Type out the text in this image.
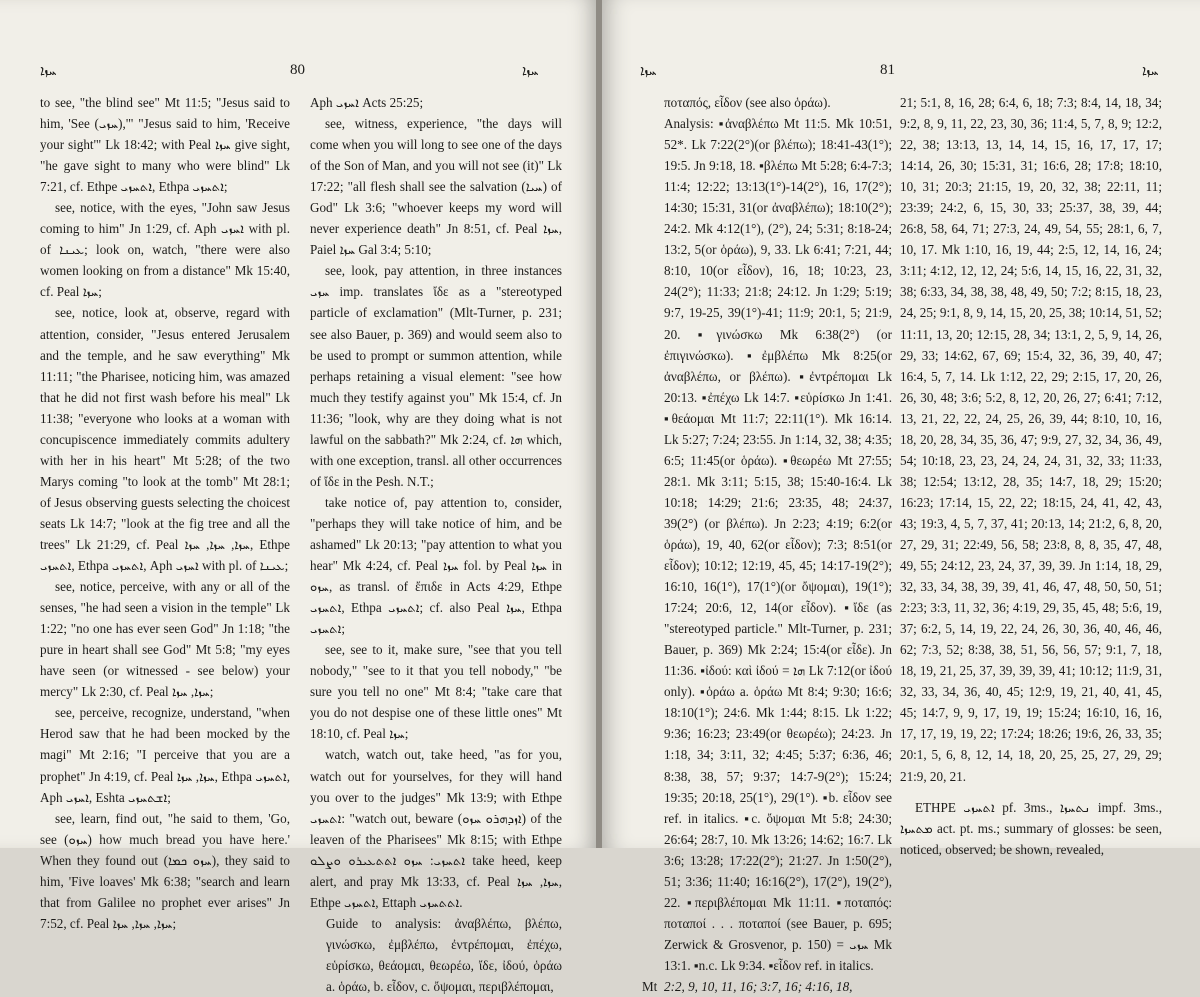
ܚܙܐ	80	ܚܙܐ

to see, "the blind see" Mt 11:5; "Jesus said to him, 'See (ܚܙܝ),'" "Jesus said to him, 'Receive your sight'" Lk 18:42; with Peal ܚܙܐ give sight, "he gave sight to many who were blind" Lk 7:21, cf. Ethpe ܐܬܚܙܝ, Ethpa ܐܬܚܙܝ;

see, notice, with the eyes, "John saw Jesus coming to him" Jn 1:29, cf. Aph ܐܚܙܝ with pl. of ܥܝܢܐ; look on, watch, "there were also women looking on from a distance" Mk 15:40, cf. Peal ܚܙܐ;

see, notice, look at, observe, regard with attention, consider, "Jesus entered Jerusalem and the temple, and he saw everything" Mk 11:11; "the Pharisee, noticing him, was amazed that he did not first wash before his meal" Lk 11:38; "everyone who looks at a woman with concupiscence immediately commits adultery with her in his heart" Mt 5:28; of the two Marys coming "to look at the tomb" Mt 28:1; of Jesus observing guests selecting the choicest seats Lk 14:7; "look at the fig tree and all the trees" Lk 21:29, cf. Peal ܚܙܐ, ܚܙܐ, ܚܙܐ, Ethpe ܐܬܚܙܝ, Ethpa ܐܬܚܙܝ, Aph ܐܚܙܝ with pl. of ܥܝܢܐ;

see, notice, perceive, with any or all of the senses, "he had seen a vision in the temple" Lk 1:22; "no one has ever seen God" Jn 1:18; "the pure in heart shall see God" Mt 5:8; "my eyes have seen (or witnessed - see below) your mercy" Lk 2:30, cf. Peal ܚܙܐ, ܚܙܐ;

see, perceive, recognize, understand, "when Herod saw that he had been mocked by the magi" Mt 2:16; "I perceive that you are a prophet" Jn 4:19, cf. Peal ܚܙܐ, ܚܙܐ, Ethpa ܐܬܚܙܝ, Aph ܐܚܙܝ, Eshta ܐܫܬܚܙܝ;

see, learn, find out, "he said to them, 'Go, see (ܚܙܘ) how much bread you have here.' When they found out (ܚܙܘ ܟܡܐ), they said to him, 'Five loaves' Mk 6:38; "search and learn that from Galilee no prophet ever arises" Jn 7:52, cf. Peal ܚܙܐ, ܚܙܐ, ܚܙܐ;

Aph ܐܚܙܝ Acts 25:25;

see, witness, experience, "the days will come when you will long to see one of the days of the Son of Man, and you will not see (it)" Lk 17:22; "all flesh shall see the salvation (ܚܝܐ) of God" Lk 3:6; "whoever keeps my word will never experience death" Jn 8:51, cf. Peal ܚܙܐ, Paiel ܚܙܐ Gal 3:4; 5:10;

see, look, pay attention, in three instances ܚܙܝ imp. translates ἴδε as a "stereotyped particle of exclamation" (Mlt-Turner, p. 231; see also Bauer, p. 369) and would seem also to be used to prompt or summon attention, while perhaps retaining a visual element: "see how much they testify against you" Mk 15:4, cf. Jn 11:36; "look, why are they doing what is not lawful on the sabbath?" Mk 2:24, cf. ܗܐ which, with one exception, transl. all other occurrences of ἴδε in the Pesh. N.T.;

take notice of, pay attention to, consider, "perhaps they will take notice of him, and be ashamed" Lk 20:13; "pay attention to what you hear" Mk 4:24, cf. Peal ܚܙܐ fol. by Peal ܚܙܐ in ܚܙܘ, as transl. of ἔπιδε in Acts 4:29, Ethpe ܐܬܚܙܝ, Ethpa ܐܬܚܙܝ; cf. also Peal ܚܙܐ, Ethpa ܐܬܚܙܝ;

see, see to it, make sure, "see that you tell nobody," "see to it that you tell nobody," "be sure you tell no one" Mt 8:4; "take care that you do not despise one of these little ones" Mt 18:10, cf. Peal ܚܙܐ;

watch, watch out, take heed, "as for you, watch out for yourselves, for they will hand you over to the judges" Mk 13:9; with Ethpe ܐܬܚܙܝ: "watch out, beware (ܐܙܕܗܪܘ ܚܙܘ) of the leaven of the Pharisees" Mk 8:15; with Ethpe ܐܬܚܙܝ: ܚܙܘ ܐܬܬܥܝܪܘ ܘܨܠܘ take heed, keep alert, and pray Mk 13:33, cf. Peal ܚܙܐ, ܚܙܐ, Ethpe ܐܬܚܙܝ, Ettaph ܐܬܬܚܙܝ.

Guide to analysis: ἀναβλέπω, βλέπω, γινώσκω, ἐμβλέπω, ἐντρέπομαι, ἐπέχω, εὑρίσκω, θεάομαι, θεωρέω, ἴδε, ἰδού, ὁράω a. ὁράω, b. εἶδον, c. ὄψομαι, περιβλέπομαι,

ܚܙܐ	81	ܚܙܐ

ποταπός, εἶδον (see also ὁράω).

Analysis: ▪ἀναβλέπω Mt 11:5. Mk 10:51, 52*. Lk 7:22(2°)(or βλέπω); 18:41-43(1°); 19:5. Jn 9:18, 18. ▪βλέπω Mt 5:28; 6:4-7:3; 11:4; 12:22; 13:13(1°)-14(2°), 16, 17(2°); 14:30; 15:31, 31(or ἀναβλέπω); 18:10(2°); 24:2. Mk 4:12(1°), (2°), 24; 5:31; 8:18-24; 13:2, 5(or ὁράω), 9, 33. Lk 6:41; 7:21, 44; 8:10, 10(or εἶδον), 16, 18; 10:23, 23, 24(2°); 11:33; 21:8; 24:12. Jn 1:29; 5:19; 9:7, 19-25, 39(1°)-41; 11:9; 20:1, 5; 21:9, 20. ▪γινώσκω Mk 6:38(2°) (or ἐπιγινώσκω). ▪ἐμβλέπω Mk 8:25(or ἀναβλέπω, or βλέπω). ▪ἐντρέπομαι Lk 20:13. ▪ἐπέχω Lk 14:7. ▪εὑρίσκω Jn 1:41. ▪θεάομαι Mt 11:7; 22:11(1°). Mk 16:14. Lk 5:27; 7:24; 23:55. Jn 1:14, 32, 38; 4:35; 6:5; 11:45(or ὁράω). ▪θεωρέω Mt 27:55; 28:1. Mk 3:11; 5:15, 38; 15:40-16:4. Lk 10:18; 14:29; 21:6; 23:35, 48; 24:37, 39(2°) (or βλέπω). Jn 2:23; 4:19; 6:2(or ὁράω), 19, 40, 62(or εἶδον); 7:3; 8:51(or εἶδον); 10:12; 12:19, 45, 45; 14:17-19(2°); 16:10, 16(1°), 17(1°)(or ὄψομαι), 19(1°); 17:24; 20:6, 12, 14(or εἶδον). ▪ἴδε (as "stereotyped particle." Mlt-Turner, p. 231; Bauer, p. 369) Mk 2:24; 15:4(or εἶδε). Jn 11:36. ▪ἰδού: καὶ ἰδού = ܗܐ Lk 7:12(or ἰδού only). ▪ὁράω a. ὁράω Mt 8:4; 9:30; 16:6; 18:10(1°); 24:6. Mk 1:44; 8:15. Lk 1:22; 9:36; 16:23; 23:49(or θεωρέω); 24:23. Jn 1:18, 34; 3:11, 32; 4:45; 5:37; 6:36, 46; 8:38, 38, 57; 9:37; 14:7-9(2°); 15:24; 19:35; 20:18, 25(1°), 29(1°). ▪b. εἶδον see ref. in italics. ▪c. ὄψομαι Mt 5:8; 24:30; 26:64; 28:7, 10. Mk 13:26; 14:62; 16:7. Lk 3:6; 13:28; 17:22(2°); 21:27. Jn 1:50(2°), 51; 3:36; 11:40; 16:16(2°), 17(2°), 19(2°), 22. ▪περιβλέπομαι Mk 11:11. ▪ποταπός: ποταποί . . . ποταποί (see Bauer, p. 695; Zerwick & Grosvenor, p. 150) = ܚܙܝ Mk 13:1. ▪n.c. Lk 9:34. ▪εἶδον ref. in italics.

Mt 2:2, 9, 10, 11, 16; 3:7, 16; 4:16, 18,

21; 5:1, 8, 16, 28; 6:4, 6, 18; 7:3; 8:4, 14, 18, 34; 9:2, 8, 9, 11, 22, 23, 30, 36; 11:4, 5, 7, 8, 9; 12:2, 22, 38; 13:13, 13, 14, 14, 15, 16, 17, 17, 17; 14:14, 26, 30; 15:31, 31; 16:6, 28; 17:8; 18:10, 10, 31; 20:3; 21:15, 19, 20, 32, 38; 22:11, 11; 23:39; 24:2, 6, 15, 30, 33; 25:37, 38, 39, 44; 26:8, 58, 64, 71; 27:3, 24, 49, 54, 55; 28:1, 6, 7, 10, 17. Mk 1:10, 16, 19, 44; 2:5, 12, 14, 16, 24; 3:11; 4:12, 12, 12, 24; 5:6, 14, 15, 16, 22, 31, 32, 38; 6:33, 34, 38, 38, 48, 49, 50; 7:2; 8:15, 18, 23, 24, 25; 9:1, 8, 9, 14, 15, 20, 25, 38; 10:14, 51, 52; 11:11, 13, 20; 12:15, 28, 34; 13:1, 2, 5, 9, 14, 26, 29, 33; 14:62, 67, 69; 15:4, 32, 36, 39, 40, 47; 16:4, 5, 7, 14. Lk 1:12, 22, 29; 2:15, 17, 20, 26, 26, 30, 48; 3:6; 5:2, 8, 12, 20, 26, 27; 6:41; 7:12, 13, 21, 22, 22, 24, 25, 26, 39, 44; 8:10, 10, 16, 18, 20, 28, 34, 35, 36, 47; 9:9, 27, 32, 34, 36, 49, 54; 10:18, 23, 23, 24, 24, 24, 31, 32, 33; 11:33, 38; 12:54; 13:12, 28, 35; 14:7, 18, 29; 15:20; 16:23; 17:14, 15, 22, 22; 18:15, 24, 41, 42, 43, 43; 19:3, 4, 5, 7, 37, 41; 20:13, 14; 21:2, 6, 8, 20, 27, 29, 31; 22:49, 56, 58; 23:8, 8, 8, 35, 47, 48, 49, 55; 24:12, 23, 24, 37, 39, 39. Jn 1:14, 18, 29, 32, 33, 34, 38, 39, 39, 41, 46, 47, 48, 50, 50, 51; 2:23; 3:3, 11, 32, 36; 4:19, 29, 35, 45, 48; 5:6, 19, 37; 6:2, 5, 14, 19, 22, 24, 26, 30, 36, 40, 46, 46, 62; 7:3, 52; 8:38, 38, 51, 56, 56, 57; 9:1, 7, 18, 18, 19, 21, 25, 37, 39, 39, 39, 41; 10:12; 11:9, 31, 32, 33, 34, 36, 40, 45; 12:9, 19, 21, 40, 41, 45, 45; 14:7, 9, 9, 17, 19, 19; 15:24; 16:10, 16, 16, 17, 17, 19, 19, 22; 17:24; 18:26; 19:6, 26, 33, 35; 20:1, 5, 6, 8, 12, 14, 18, 20, 25, 25, 27, 29, 29; 21:9, 20, 21.

ETHPE ܐܬܚܙܝ pf. 3ms., ܢܬܚܙܐ impf. 3ms., ܡܬܚܙܐ act. pt. ms.; summary of glosses: be seen, noticed, observed; be shown, revealed,
